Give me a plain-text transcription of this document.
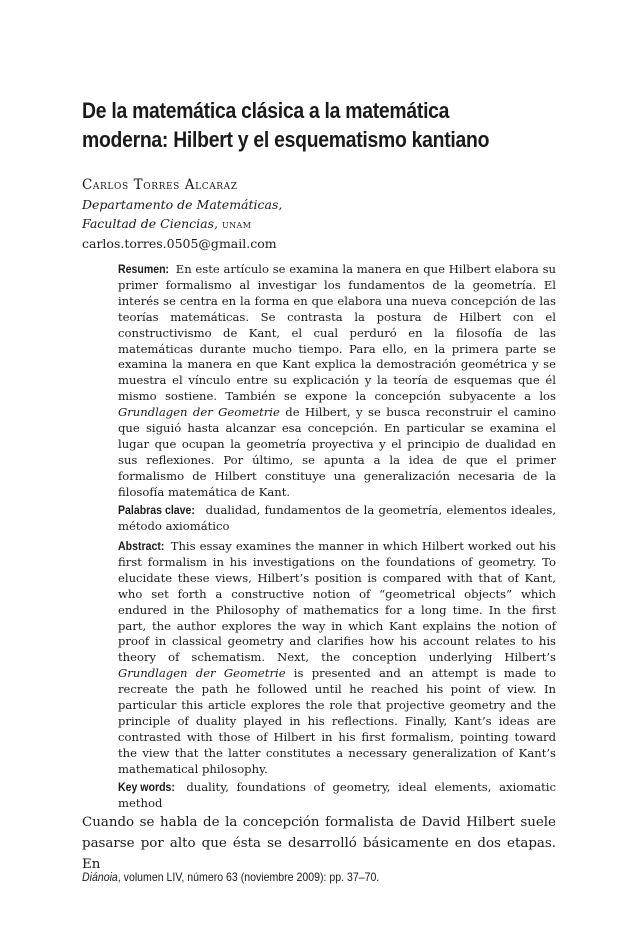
De la matemática clásica a la matemática
moderna: Hilbert y el esquematismo kantiano
Carlos Torres Alcaraz
Departamento de Matemáticas,
Facultad de Ciencias, unam
carlos.torres.0505@gmail.com

Resumen: En este artículo se examina la manera en que Hilbert elabora su primer formalismo al investigar los fundamentos de la geometría. El interés se centra en la forma en que elabora una nueva concepción de las teorías matemáticas. Se contrasta la postura de Hilbert con el constructivismo de Kant, el cual perduró en la filosofía de las matemáticas durante mucho tiempo. Para ello, en la primera parte se examina la manera en que Kant explica la demostración geométrica y se muestra el vínculo entre su explicación y la teoría de esquemas que él mismo sostiene. También se expone la concepción subyacente a los Grundlagen der Geometrie de Hilbert, y se busca reconstruir el camino que siguió hasta alcanzar esa concepción. En particular se examina el lugar que ocupan la geometría proyectiva y el principio de dualidad en sus reflexiones. Por último, se apunta a la idea de que el primer formalismo de Hilbert constituye una generalización necesaria de la filosofía matemática de Kant.

Palabras clave: dualidad, fundamentos de la geometría, elementos ideales, método axiomático

Abstract: This essay examines the manner in which Hilbert worked out his first formalism in his investigations on the foundations of geometry. To elucidate these views, Hilbert’s position is compared with that of Kant, who set forth a constructive notion of “geometrical objects” which endured in the Philosophy of mathematics for a long time. In the first part, the author explores the way in which Kant explains the notion of proof in classical geometry and clarifies how his account relates to his theory of schematism. Next, the conception underlying Hilbert’s Grundlagen der Geometrie is presented and an attempt is made to recreate the path he followed until he reached his point of view. In particular this article explores the role that projective geometry and the principle of duality played in his reflections. Finally, Kant’s ideas are contrasted with those of Hilbert in his first formalism, pointing toward the view that the latter constitutes a necessary generalization of Kant’s mathematical philosophy.

Key words: duality, foundations of geometry, ideal elements, axiomatic method

Cuando se habla de la concepción formalista de David Hilbert suele pasarse por alto que ésta se desarrolló básicamente en dos etapas. En

Diánoia, volumen LIV, número 63 (noviembre 2009): pp. 37–70.
